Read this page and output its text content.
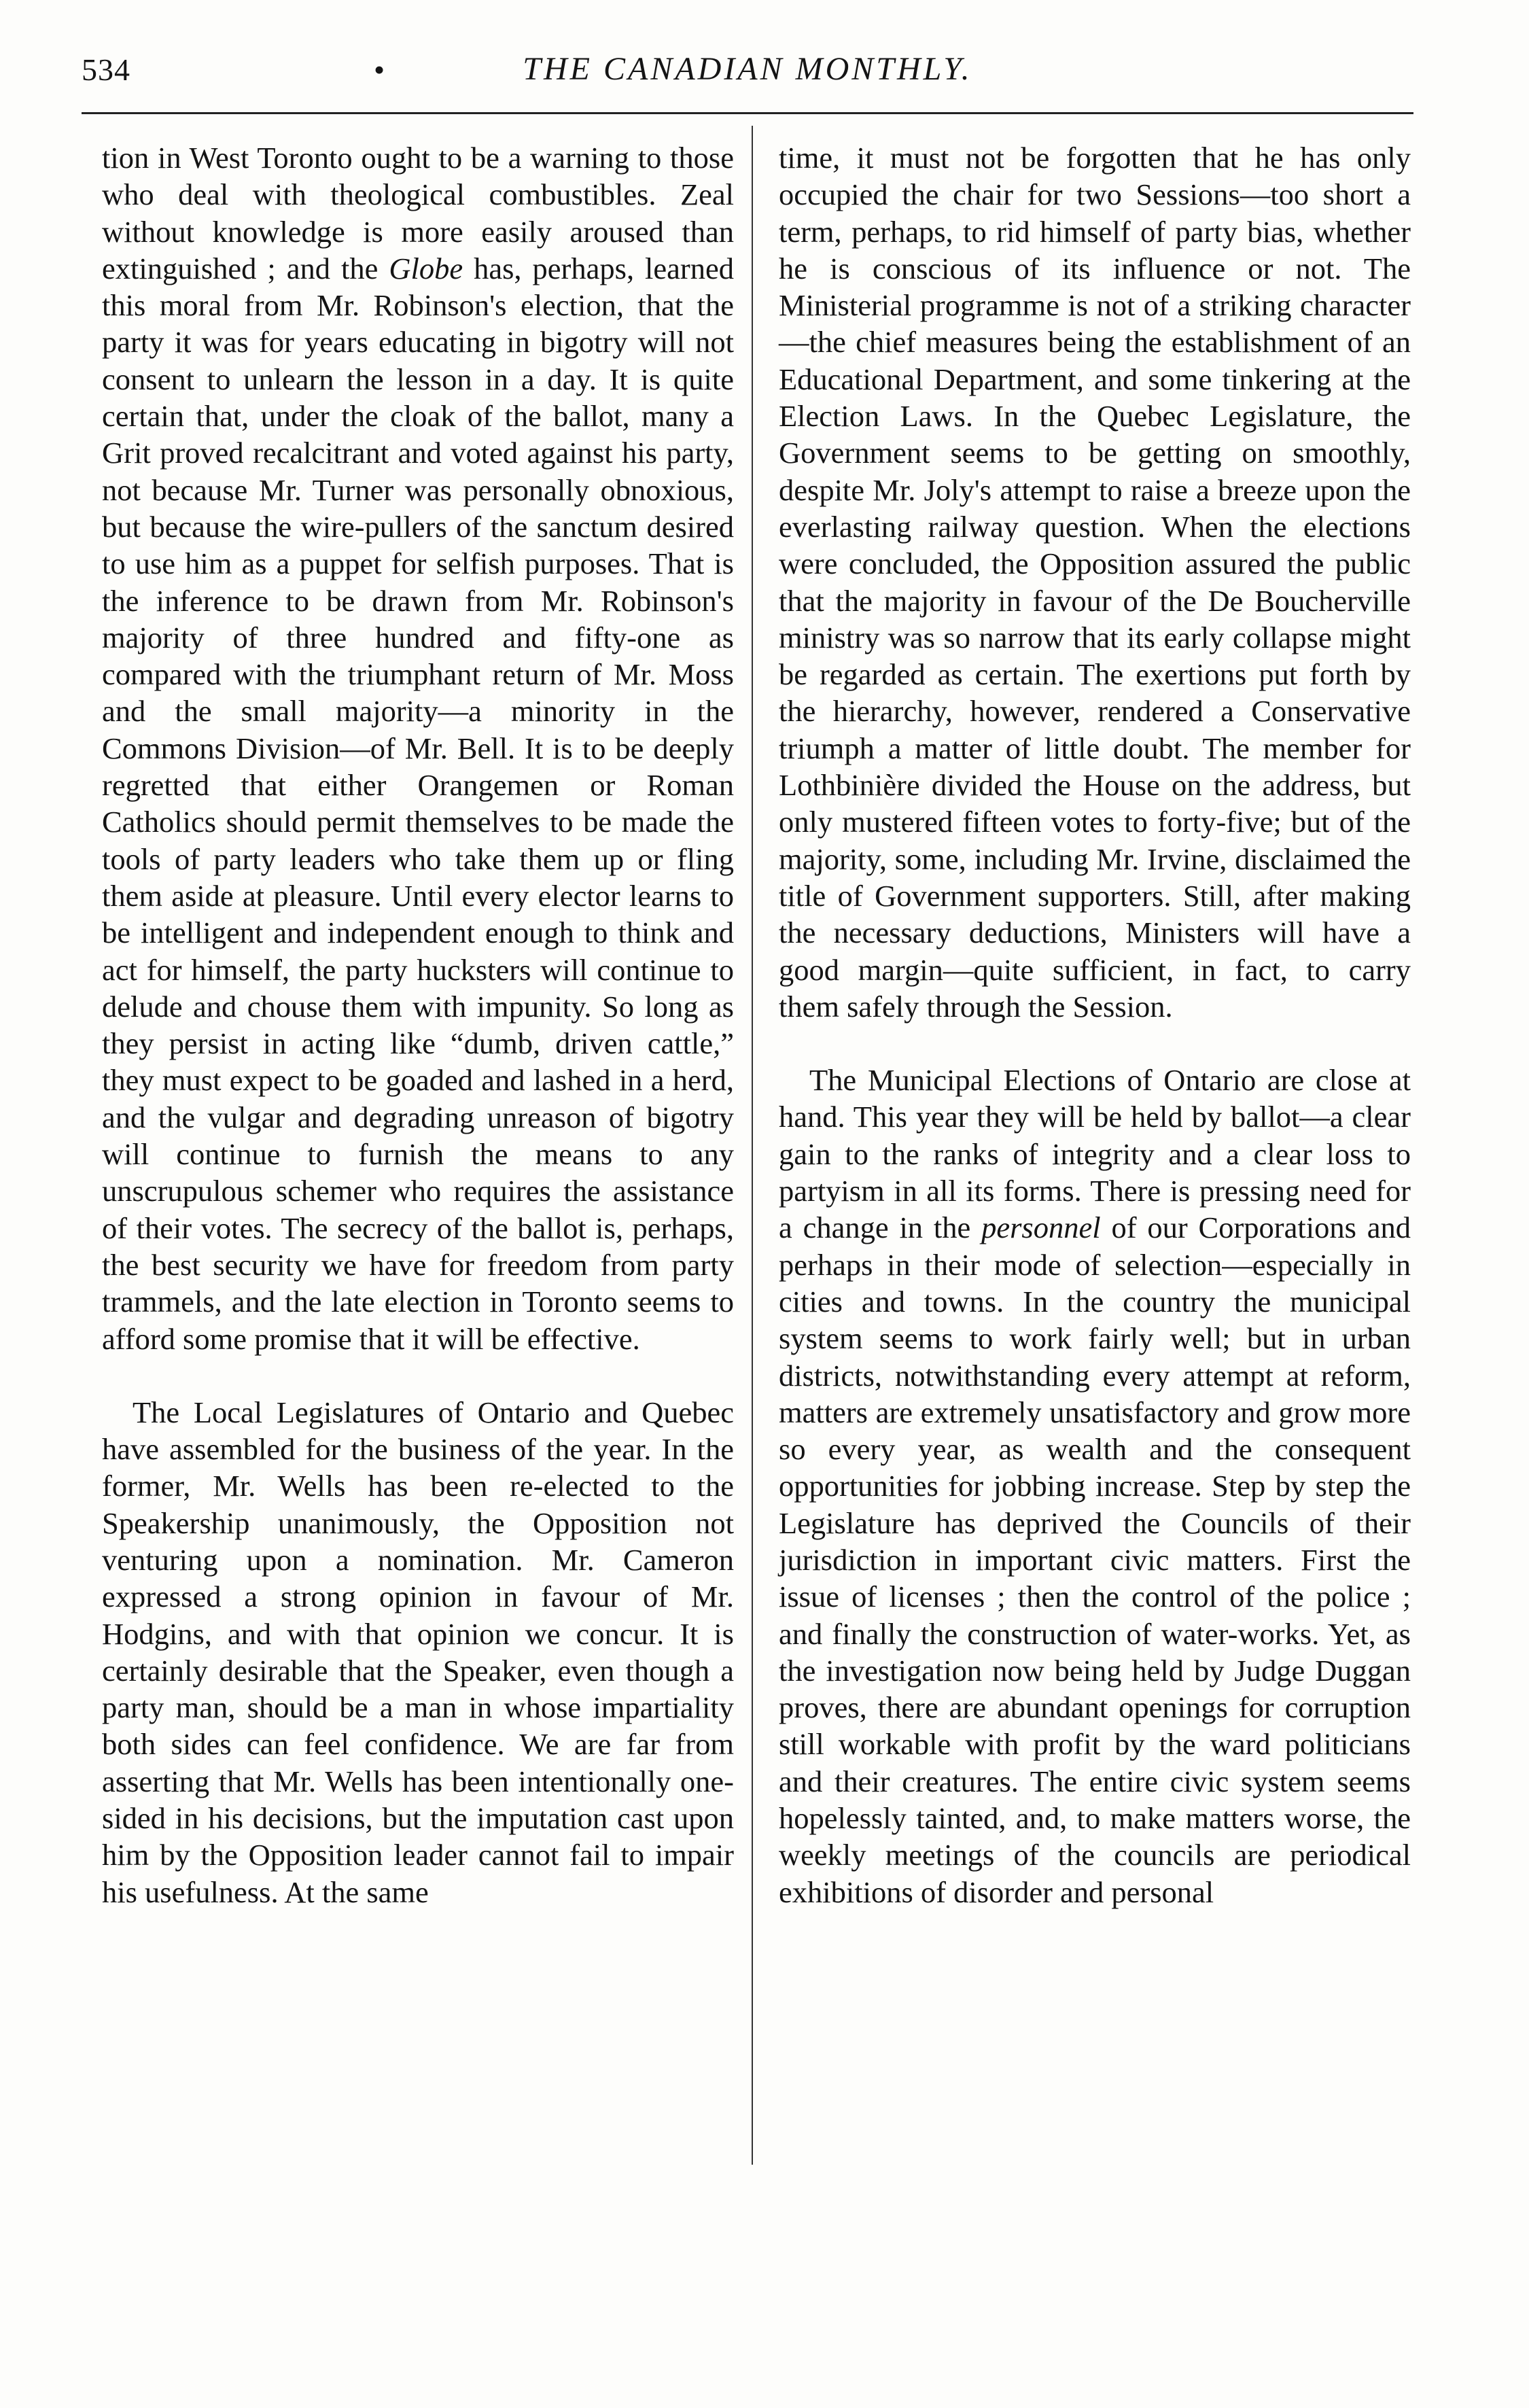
534	•	THE CANADIAN MONTHLY.

tion in West Toronto ought to be a warning to those who deal with theological combustibles. Zeal without knowledge is more easily aroused than extinguished ; and the Globe has, perhaps, learned this moral from Mr. Robinson's election, that the party it was for years educating in bigotry will not consent to unlearn the lesson in a day. It is quite certain that, under the cloak of the ballot, many a Grit proved recalcitrant and voted against his party, not because Mr. Turner was personally obnoxious, but because the wire-pullers of the sanctum desired to use him as a puppet for selfish purposes. That is the inference to be drawn from Mr. Robinson's majority of three hundred and fifty-one as compared with the triumphant return of Mr. Moss and the small majority—a minority in the Commons Division—of Mr. Bell. It is to be deeply regretted that either Orangemen or Roman Catholics should permit themselves to be made the tools of party leaders who take them up or fling them aside at pleasure. Until every elector learns to be intelligent and independent enough to think and act for himself, the party hucksters will continue to delude and chouse them with impunity. So long as they persist in acting like “dumb, driven cattle,” they must expect to be goaded and lashed in a herd, and the vulgar and degrading unreason of bigotry will continue to furnish the means to any unscrupulous schemer who requires the assistance of their votes. The secrecy of the ballot is, perhaps, the best security we have for freedom from party trammels, and the late election in Toronto seems to afford some promise that it will be effective.

The Local Legislatures of Ontario and Quebec have assembled for the business of the year. In the former, Mr. Wells has been re-elected to the Speakership unanimously, the Opposition not venturing upon a nomination. Mr. Cameron expressed a strong opinion in favour of Mr. Hodgins, and with that opinion we concur. It is certainly desirable that the Speaker, even though a party man, should be a man in whose impartiality both sides can feel confidence. We are far from asserting that Mr. Wells has been intentionally one-sided in his decisions, but the imputation cast upon him by the Opposition leader cannot fail to impair his usefulness. At the same

time, it must not be forgotten that he has only occupied the chair for two Sessions—too short a term, perhaps, to rid himself of party bias, whether he is conscious of its influence or not. The Ministerial programme is not of a striking character—the chief measures being the establishment of an Educational Department, and some tinkering at the Election Laws. In the Quebec Legislature, the Government seems to be getting on smoothly, despite Mr. Joly's attempt to raise a breeze upon the everlasting railway question. When the elections were concluded, the Opposition assured the public that the majority in favour of the De Boucherville ministry was so narrow that its early collapse might be regarded as certain. The exertions put forth by the hierarchy, however, rendered a Conservative triumph a matter of little doubt. The member for Lothbinière divided the House on the address, but only mustered fifteen votes to forty-five; but of the majority, some, including Mr. Irvine, disclaimed the title of Government supporters. Still, after making the necessary deductions, Ministers will have a good margin—quite sufficient, in fact, to carry them safely through the Session.

The Municipal Elections of Ontario are close at hand. This year they will be held by ballot—a clear gain to the ranks of integrity and a clear loss to partyism in all its forms. There is pressing need for a change in the personnel of our Corporations and perhaps in their mode of selection—especially in cities and towns. In the country the municipal system seems to work fairly well; but in urban districts, notwithstanding every attempt at reform, matters are extremely unsatisfactory and grow more so every year, as wealth and the consequent opportunities for jobbing increase. Step by step the Legislature has deprived the Councils of their jurisdiction in important civic matters. First the issue of licenses ; then the control of the police ; and finally the construction of water-works. Yet, as the investigation now being held by Judge Duggan proves, there are abundant openings for corruption still workable with profit by the ward politicians and their creatures. The entire civic system seems hopelessly tainted, and, to make matters worse, the weekly meetings of the councils are periodical exhibitions of disorder and personal
